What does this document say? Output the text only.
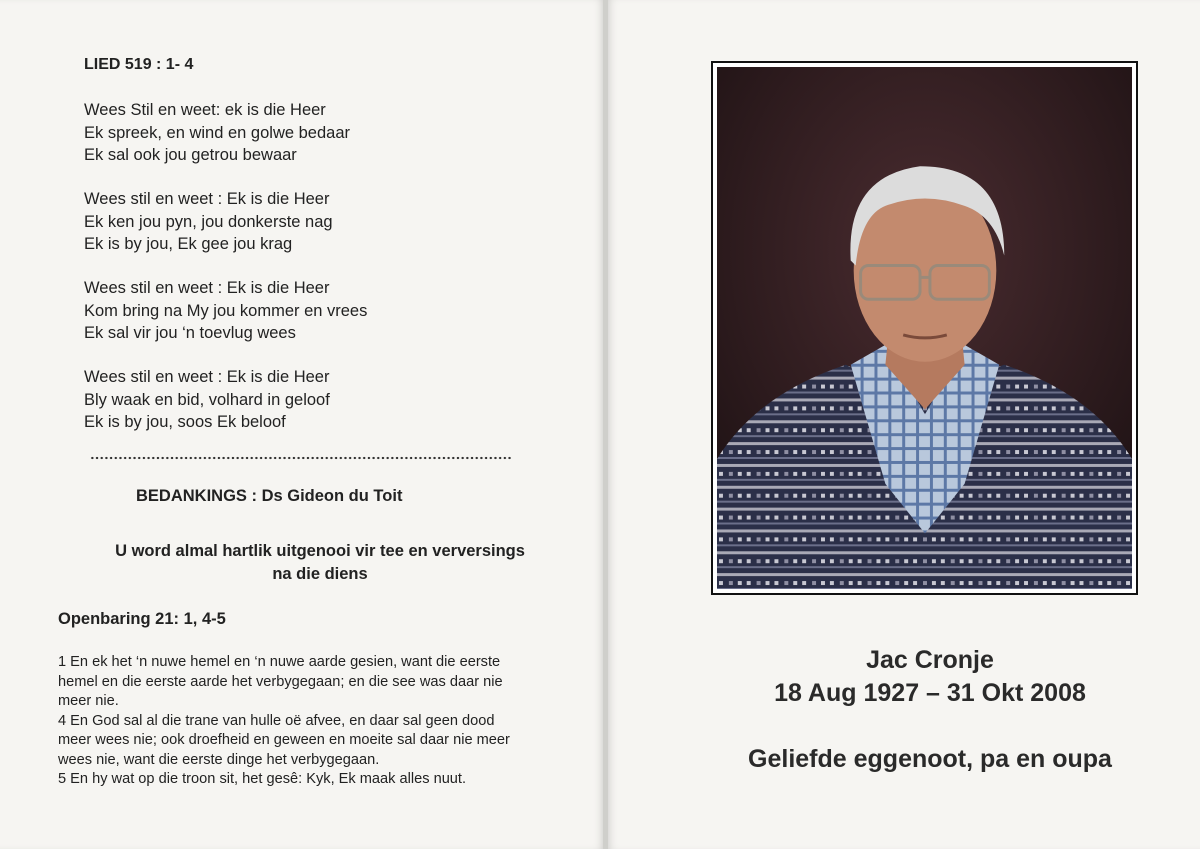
LIED 519 : 1- 4
Wees Stil en weet: ek is die Heer
Ek spreek, en wind en golwe bedaar
Ek sal ook jou getrou bewaar
Wees stil en weet : Ek is die Heer
Ek ken jou pyn, jou donkerste nag
Ek is by jou, Ek gee jou krag
Wees stil en weet : Ek is die Heer
Kom bring na My jou kommer en vrees
Ek sal vir jou ‘n toevlug wees
Wees stil en weet : Ek is die Heer
Bly waak en bid, volhard in geloof
Ek is by jou, soos Ek beloof
BEDANKINGS : Ds Gideon du Toit
U word almal hartlik uitgenooi vir tee en verversings
na die diens
Openbaring 21: 1, 4-5
1 En ek het ‘n nuwe hemel en ‘n nuwe aarde gesien, want die eerste
hemel en die eerste aarde het verbygegaan; en die see was daar nie
meer nie.
4 En God sal al die trane van hulle oë afvee, en daar sal geen dood
meer wees nie; ook droefheid en geween en moeite sal daar nie meer
wees nie, want die eerste dinge het verbygegaan.
5 En hy wat op die troon sit, het gesê: Kyk, Ek maak alles nuut.
Jac Cronje
18 Aug 1927 – 31 Okt 2008
Geliefde eggenoot, pa en oupa
